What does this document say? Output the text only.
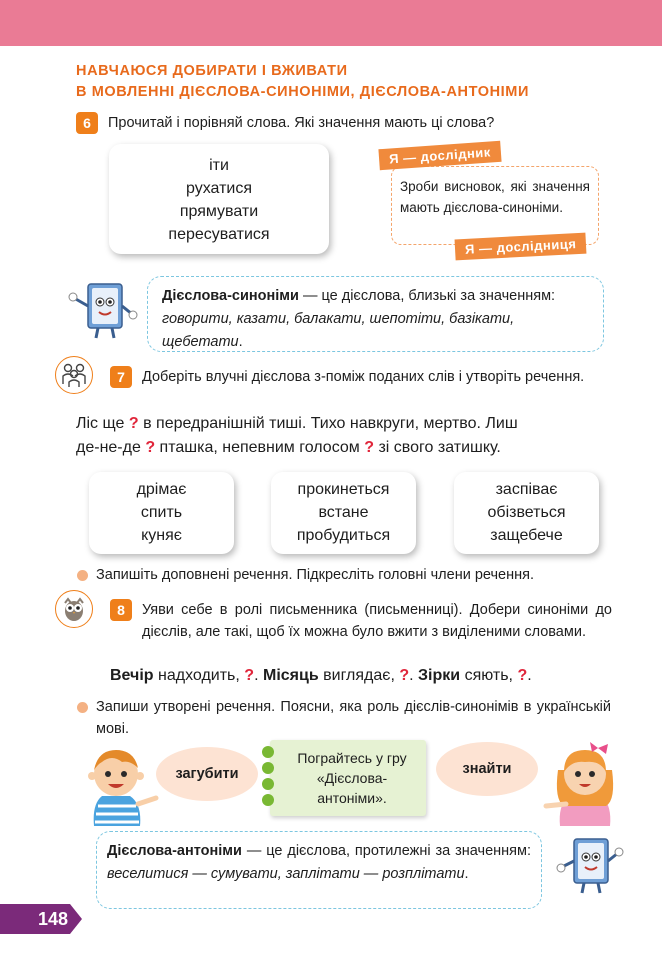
НАВЧАЮСЯ ДОБИРАТИ І ВЖИВАТИ
В МОВЛЕННІ ДІЄСЛОВА-СИНОНІМИ, ДІЄСЛОВА-АНТОНІМИ
6	Прочитай і порівняй слова. Які значення мають ці слова?
іти
рухатися
прямувати
пересуватися
Зроби висновок, які значення мають дієслова-синоніми.
Я — дослідник
Я — дослідниця
Дієслова-синоніми — це дієслова, близькі за значенням: говорити, казати, балакати, шепотіти, базікати, щебетати.
7	Доберіть влучні дієслова з-поміж поданих слів і утворіть речення.
Ліс ще ? в передранішній тиші. Тихо навкруги, мертво. Лиш
де-не-де ? пташка, непевним голосом ? зі свого затишку.
дрімає
спить
куняє
прокинеться
встане
пробудиться
заспіває
обізветься
защебече
Запишіть доповнені речення. Підкресліть головні члени речення.
8	Уяви себе в ролі письменника (письменниці). Добери синоніми до дієслів, але такі, щоб їх можна було вжити з виділеними словами.
Вечір надходить, ?. Місяць виглядає, ?. Зірки сяють, ?.
Запиши утворені речення. Поясни, яка роль дієслів-синонімів в українській мові.
загубити
Пограйтесь у гру «Дієслова-антоніми».
знайти
Дієслова-антоніми — це дієслова, протилежні за значенням: веселитися — сумувати, заплітати — розплітати.
148
